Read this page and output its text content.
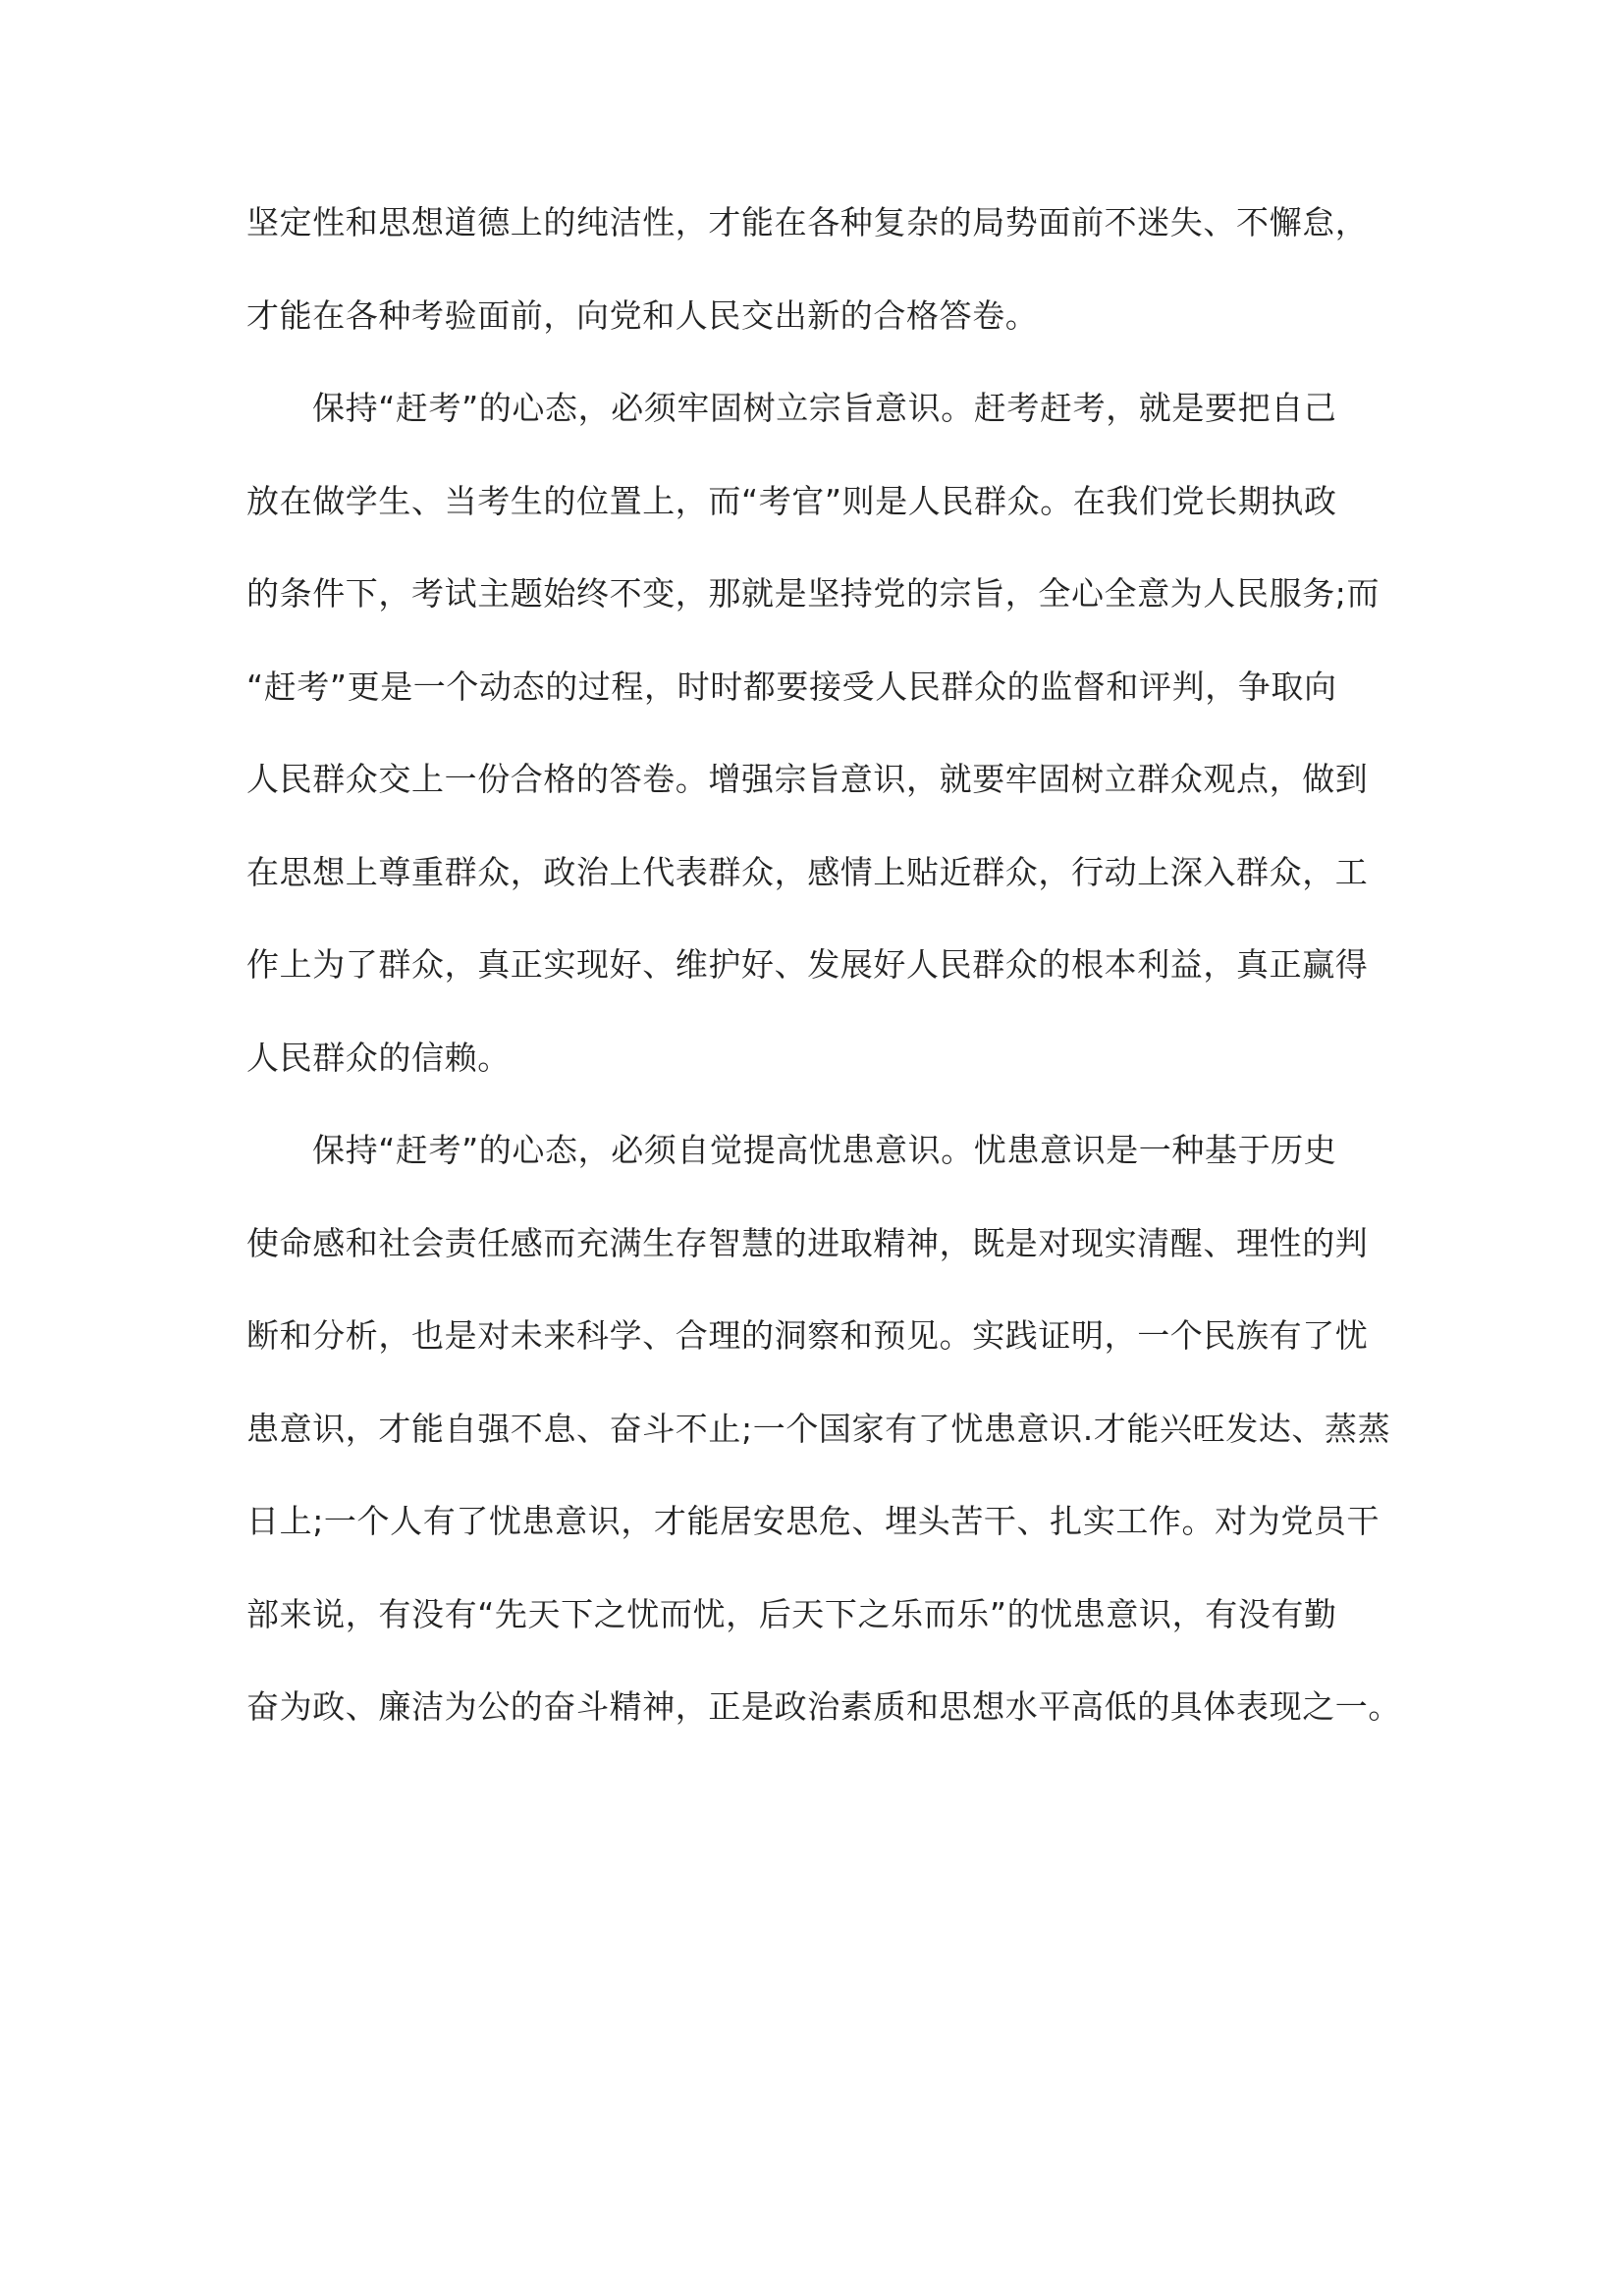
坚定性和思想道德上的纯洁性，才能在各种复杂的局势面前不迷失、不懈怠，
才能在各种考验面前，向党和人民交出新的合格答卷。
保持“赶考”的心态，必须牢固树立宗旨意识。赶考赶考，就是要把自己
放在做学生、当考生的位置上，而“考官”则是人民群众。在我们党长期执政
的条件下，考试主题始终不变，那就是坚持党的宗旨，全心全意为人民服务;而
“赶考”更是一个动态的过程，时时都要接受人民群众的监督和评判，争取向
人民群众交上一份合格的答卷。增强宗旨意识，就要牢固树立群众观点，做到
在思想上尊重群众，政治上代表群众，感情上贴近群众，行动上深入群众，工
作上为了群众，真正实现好、维护好、发展好人民群众的根本利益，真正赢得
人民群众的信赖。
保持“赶考”的心态，必须自觉提高忧患意识。忧患意识是一种基于历史
使命感和社会责任感而充满生存智慧的进取精神，既是对现实清醒、理性的判
断和分析，也是对未来科学、合理的洞察和预见。实践证明，一个民族有了忧
患意识，才能自强不息、奋斗不止;一个国家有了忧患意识.才能兴旺发达、蒸蒸
日上;一个人有了忧患意识，才能居安思危、埋头苦干、扎实工作。对为党员干
部来说，有没有“先天下之忧而忧，后天下之乐而乐”的忧患意识，有没有勤
奋为政、廉洁为公的奋斗精神，正是政治素质和思想水平高低的具体表现之一。
